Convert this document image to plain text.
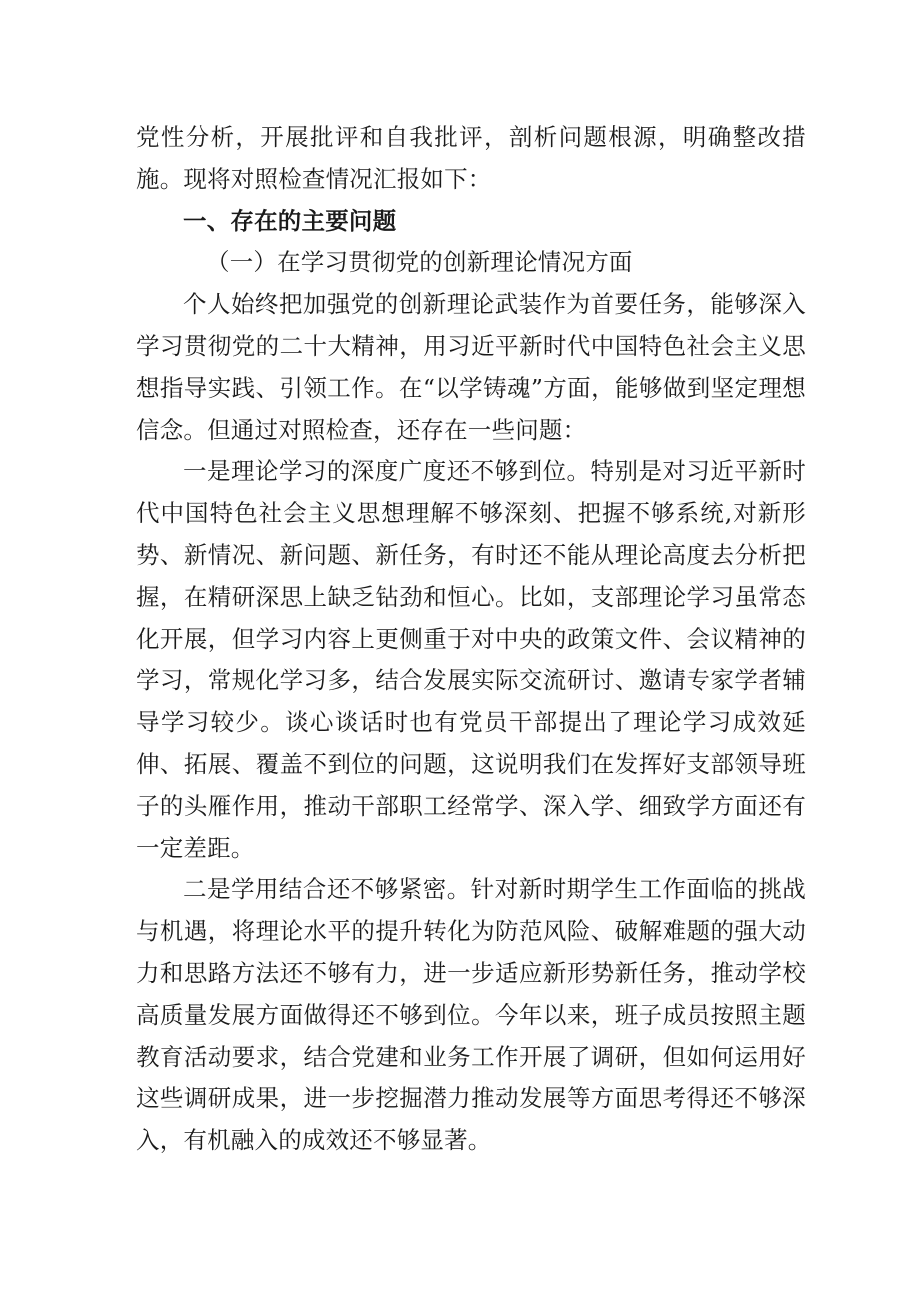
党性分析，开展批评和自我批评，剖析问题根源，明确整改措施。现将对照检查情况汇报如下：

一、存在的主要问题

（一）在学习贯彻党的创新理论情况方面

个人始终把加强党的创新理论武装作为首要任务，能够深入学习贯彻党的二十大精神，用习近平新时代中国特色社会主义思想指导实践、引领工作。在“以学铸魂”方面，能够做到坚定理想信念。但通过对照检查，还存在一些问题：

一是理论学习的深度广度还不够到位。特别是对习近平新时代中国特色社会主义思想理解不够深刻、把握不够系统,对新形势、新情况、新问题、新任务，有时还不能从理论高度去分析把握，在精研深思上缺乏钻劲和恒心。比如，支部理论学习虽常态化开展，但学习内容上更侧重于对中央的政策文件、会议精神的学习，常规化学习多，结合发展实际交流研讨、邀请专家学者辅导学习较少。谈心谈话时也有党员干部提出了理论学习成效延伸、拓展、覆盖不到位的问题，这说明我们在发挥好支部领导班子的头雁作用，推动干部职工经常学、深入学、细致学方面还有一定差距。

二是学用结合还不够紧密。针对新时期学生工作面临的挑战与机遇，将理论水平的提升转化为防范风险、破解难题的强大动力和思路方法还不够有力，进一步适应新形势新任务，推动学校高质量发展方面做得还不够到位。今年以来，班子成员按照主题教育活动要求，结合党建和业务工作开展了调研，但如何运用好这些调研成果，进一步挖掘潜力推动发展等方面思考得还不够深入，有机融入的成效还不够显著。
